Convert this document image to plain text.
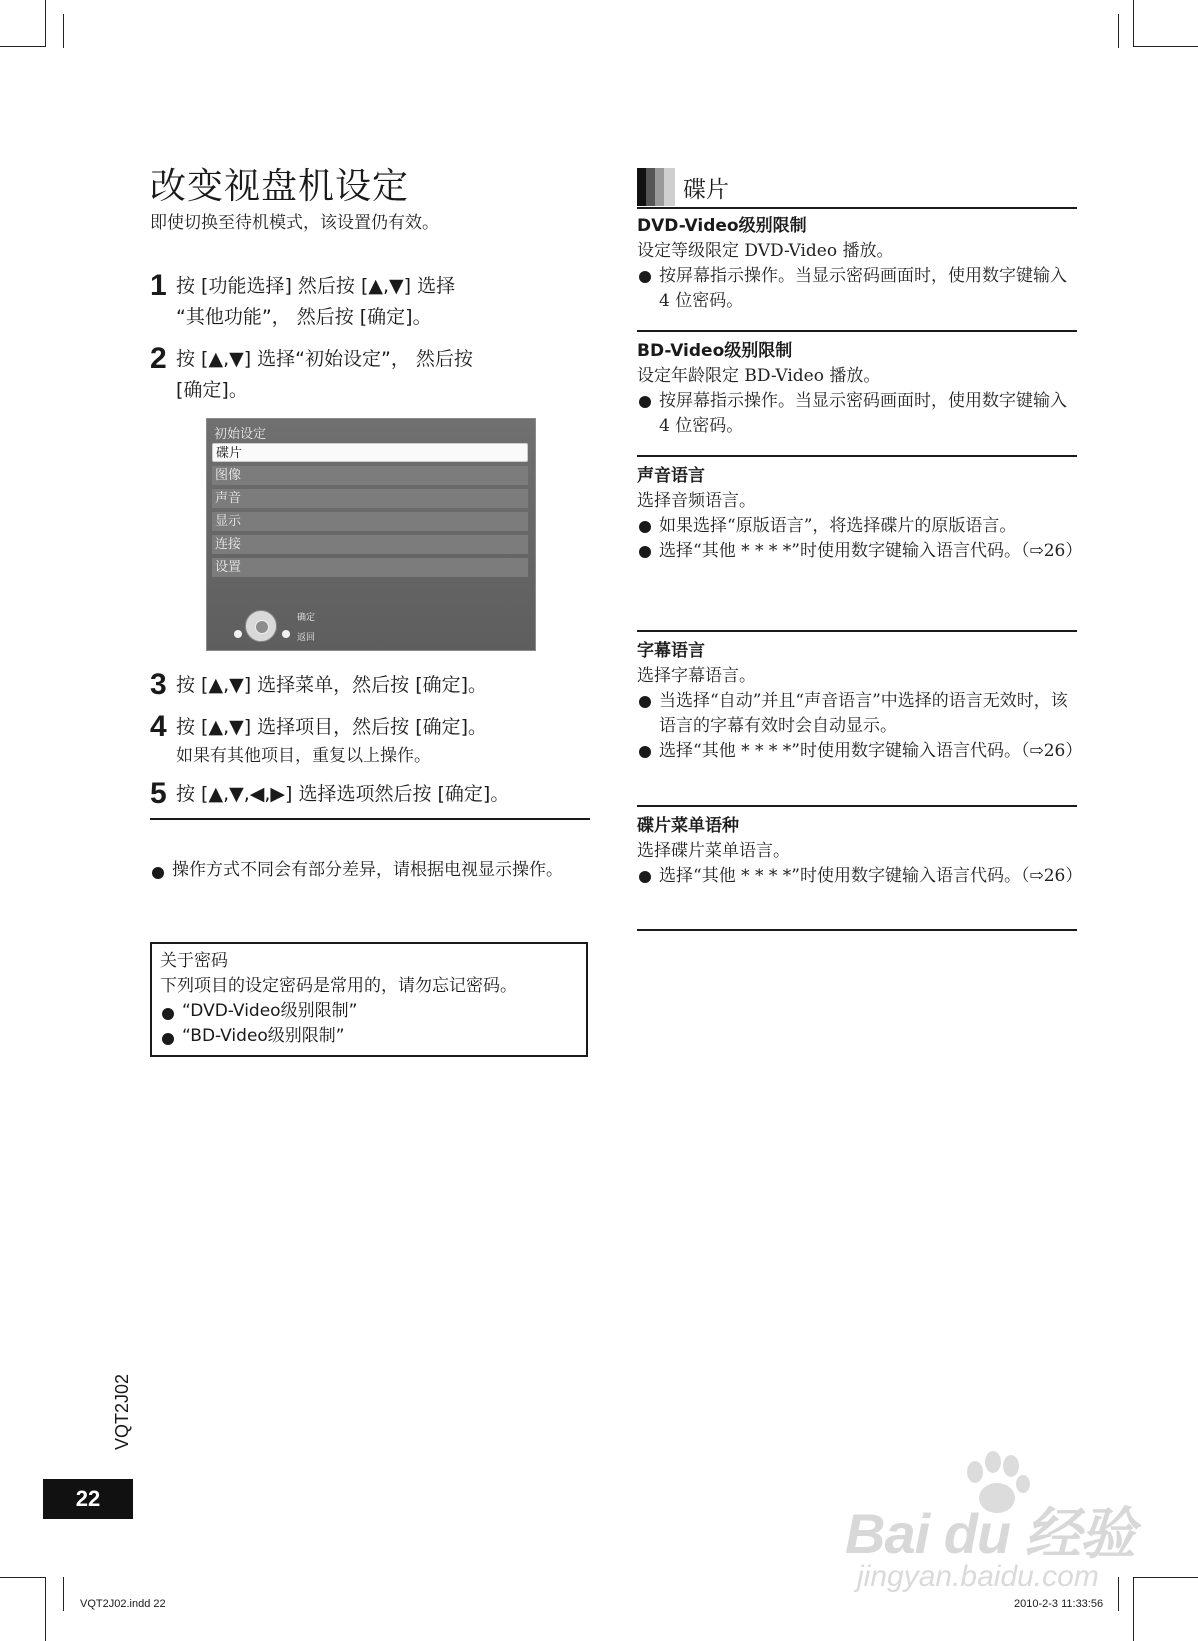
改变视盘机设定
即使切换至待机模式，该设置仍有效。
1 按 [功能选择] 然后按 [▲,▼] 选择
“其他功能”， 然后按 [确定]。
2 按 [▲,▼] 选择“初始设定”， 然后按
[确定]。
初始设定
碟片
图像
声音
显示
连接
设置
确定
返回
3 按 [▲,▼] 选择菜单，然后按 [确定]。
4 按 [▲,▼] 选择项目，然后按 [确定]。
如果有其他项目，重复以上操作。
5 按 [▲,▼,◀,▶] 选择选项然后按 [确定]。
操作方式不同会有部分差异，请根据电视显示操作。
关于密码
下列项目的设定密码是常用的，请勿忘记密码。
“DVD-Video级别限制”
“BD-Video级别限制”
碟片
DVD-Video级别限制
设定等级限定 DVD-Video 播放。
按屏幕指示操作。当显示密码画面时，使用数字键输入 4 位密码。
BD-Video级别限制
设定年龄限定 BD-Video 播放。
按屏幕指示操作。当显示密码画面时，使用数字键输入 4 位密码。
声音语言
选择音频语言。
如果选择“原版语言”，将选择碟片的原版语言。
选择“其他 * * * *”时使用数字键输入语言代码。（⇨26）
字幕语言
选择字幕语言。
当选择“自动”并且“声音语言”中选择的语言无效时，该语言的字幕有效时会自动显示。
选择“其他 * * * *”时使用数字键输入语言代码。（⇨26）
碟片菜单语种
选择碟片菜单语言。
选择“其他 * * * *”时使用数字键输入语言代码。（⇨26）
VQT2J02
22
VQT2J02.indd 22	2010-2-3 11:33:56
Bai du 经验
jingyan.baidu.com
